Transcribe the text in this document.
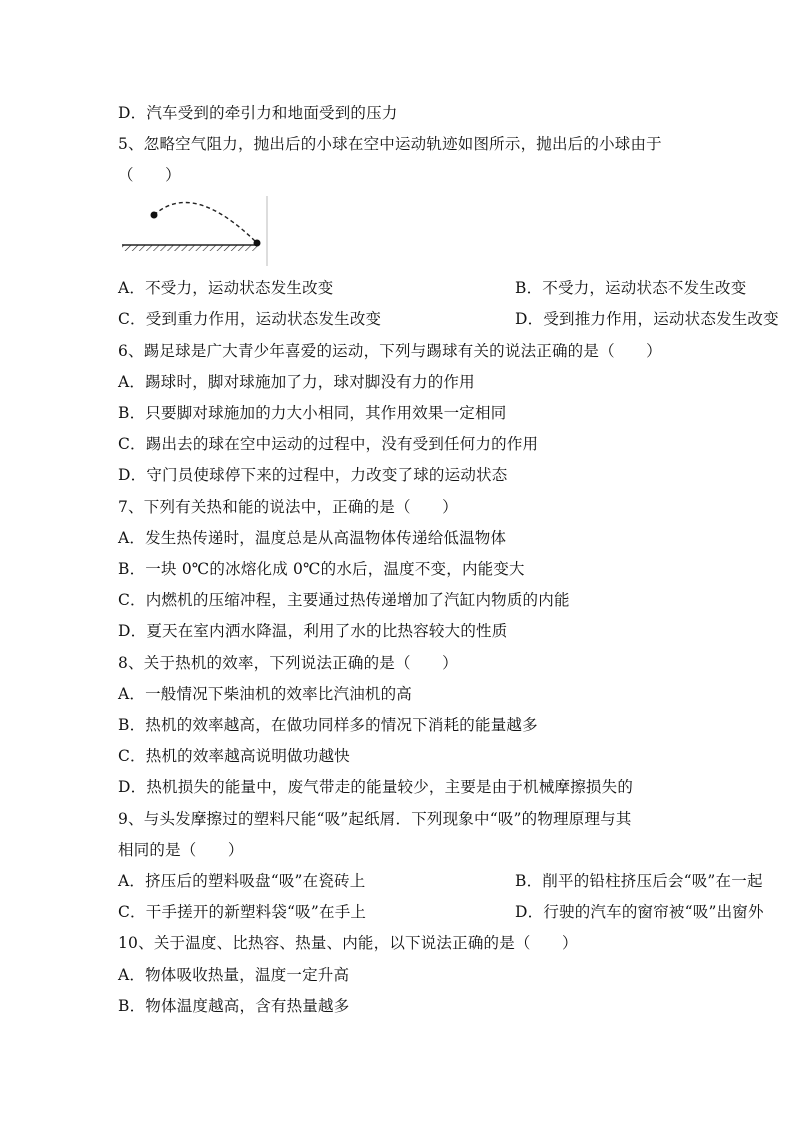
D．汽车受到的牵引力和地面受到的压力
5、忽略空气阻力，抛出后的小球在空中运动轨迹如图所示，抛出后的小球由于
（　　）
A．不受力，运动状态发生改变	B．不受力，运动状态不发生改变
C．受到重力作用，运动状态发生改变	D．受到推力作用，运动状态发生改变
6、踢足球是广大青少年喜爱的运动，下列与踢球有关的说法正确的是（　　）
A．踢球时，脚对球施加了力，球对脚没有力的作用
B．只要脚对球施加的力大小相同，其作用效果一定相同
C．踢出去的球在空中运动的过程中，没有受到任何力的作用
D．守门员使球停下来的过程中，力改变了球的运动状态
7、下列有关热和能的说法中，正确的是（　　）
A．发生热传递时，温度总是从高温物体传递给低温物体
B．一块 0℃的冰熔化成 0℃的水后，温度不变，内能变大
C．内燃机的压缩冲程，主要通过热传递增加了汽缸内物质的内能
D．夏天在室内洒水降温，利用了水的比热容较大的性质
8、关于热机的效率，下列说法正确的是（　　）
A．一般情况下柴油机的效率比汽油机的高
B．热机的效率越高，在做功同样多的情况下消耗的能量越多
C．热机的效率越高说明做功越快
D．热机损失的能量中，废气带走的能量较少，主要是由于机械摩擦损失的
9、与头发摩擦过的塑料尺能“吸”起纸屑．下列现象中“吸”的物理原理与其
相同的是（　　）
A．挤压后的塑料吸盘“吸”在瓷砖上	B．削平的铅柱挤压后会“吸”在一起
C．干手搓开的新塑料袋“吸”在手上	D．行驶的汽车的窗帘被“吸”出窗外
10、关于温度、比热容、热量、内能，以下说法正确的是（　　）
A．物体吸收热量，温度一定升高
B．物体温度越高，含有热量越多
